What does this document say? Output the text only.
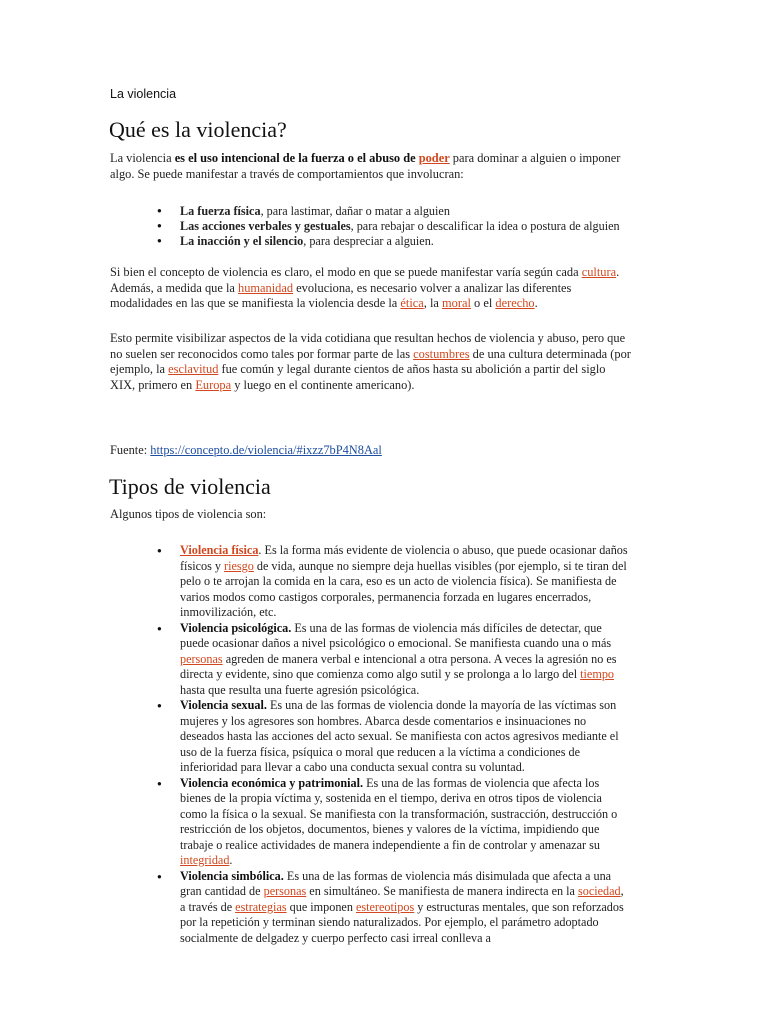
La violencia
Qué es la violencia?
La violencia es el uso intencional de la fuerza o el abuso de poder para dominar a alguien o imponer algo. Se puede manifestar a través de comportamientos que involucran:
● La fuerza física, para lastimar, dañar o matar a alguien
● Las acciones verbales y gestuales, para rebajar o descalificar la idea o postura de alguien
● La inacción y el silencio, para despreciar a alguien.
Si bien el concepto de violencia es claro, el modo en que se puede manifestar varía según cada cultura. Además, a medida que la humanidad evoluciona, es necesario volver a analizar las diferentes modalidades en las que se manifiesta la violencia desde la ética, la moral o el derecho.
Esto permite visibilizar aspectos de la vida cotidiana que resultan hechos de violencia y abuso, pero que no suelen ser reconocidos como tales por formar parte de las costumbres de una cultura determinada (por ejemplo, la esclavitud fue común y legal durante cientos de años hasta su abolición a partir del siglo XIX, primero en Europa y luego en el continente americano).
Fuente: https://concepto.de/violencia/#ixzz7bP4N8Aal
Tipos de violencia
Algunos tipos de violencia son:
● Violencia física. Es la forma más evidente de violencia o abuso, que puede ocasionar daños físicos y riesgo de vida, aunque no siempre deja huellas visibles (por ejemplo, si te tiran del pelo o te arrojan la comida en la cara, eso es un acto de violencia física). Se manifiesta de varios modos como castigos corporales, permanencia forzada en lugares encerrados, inmovilización, etc.
● Violencia psicológica. Es una de las formas de violencia más difíciles de detectar, que puede ocasionar daños a nivel psicológico o emocional. Se manifiesta cuando una o más personas agreden de manera verbal e intencional a otra persona. A veces la agresión no es directa y evidente, sino que comienza como algo sutil y se prolonga a lo largo del tiempo hasta que resulta una fuerte agresión psicológica.
● Violencia sexual. Es una de las formas de violencia donde la mayoría de las víctimas son mujeres y los agresores son hombres. Abarca desde comentarios e insinuaciones no deseados hasta las acciones del acto sexual. Se manifiesta con actos agresivos mediante el uso de la fuerza física, psíquica o moral que reducen a la víctima a condiciones de inferioridad para llevar a cabo una conducta sexual contra su voluntad.
● Violencia económica y patrimonial. Es una de las formas de violencia que afecta los bienes de la propia víctima y, sostenida en el tiempo, deriva en otros tipos de violencia como la física o la sexual. Se manifiesta con la transformación, sustracción, destrucción o restricción de los objetos, documentos, bienes y valores de la víctima, impidiendo que trabaje o realice actividades de manera independiente a fin de controlar y amenazar su integridad.
● Violencia simbólica. Es una de las formas de violencia más disimulada que afecta a una gran cantidad de personas en simultáneo. Se manifiesta de manera indirecta en la sociedad, a través de estrategias que imponen estereotipos y estructuras mentales, que son reforzados por la repetición y terminan siendo naturalizados. Por ejemplo, el parámetro adoptado socialmente de delgadez y cuerpo perfecto casi irreal conlleva a
